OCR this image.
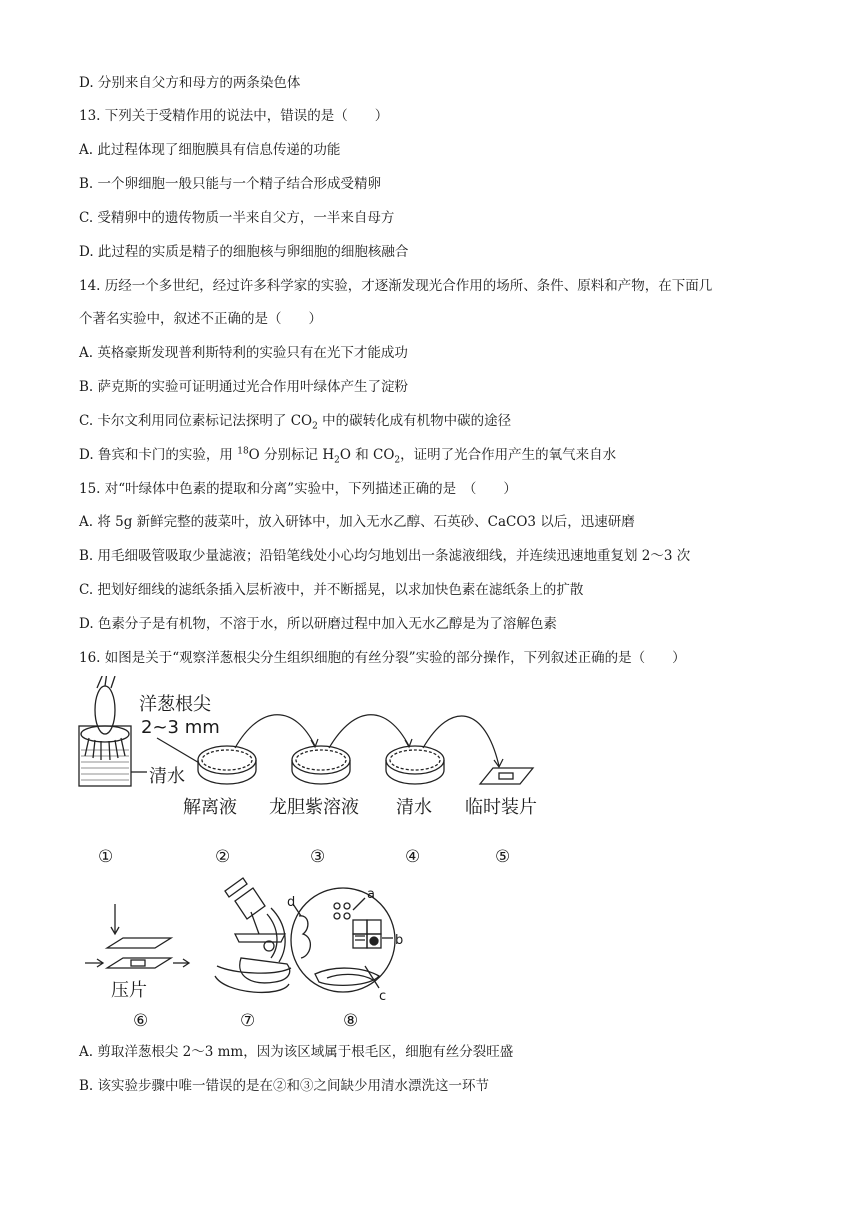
D. 分别来自父方和母方的两条染色体
13. 下列关于受精作用的说法中，错误的是（　　）
A. 此过程体现了细胞膜具有信息传递的功能
B. 一个卵细胞一般只能与一个精子结合形成受精卵
C. 受精卵中的遗传物质一半来自父方，一半来自母方
D. 此过程的实质是精子的细胞核与卵细胞的细胞核融合
14. 历经一个多世纪，经过许多科学家的实验，才逐渐发现光合作用的场所、条件、原料和产物，在下面几
个著名实验中，叙述不正确的是（　　）
A. 英格豪斯发现普利斯特利的实验只有在光下才能成功
B. 萨克斯的实验可证明通过光合作用叶绿体产生了淀粉
C. 卡尔文利用同位素标记法探明了 $CO_2$ 中的碳转化成有机物中碳的途径
D. 鲁宾和卡门的实验，用 $^{18}$O 分别标记 $H_2O$ 和 $CO_2$，证明了光合作用产生的氧气来自水
15. 对“叶绿体中色素的提取和分离”实验中，下列描述正确的是　（　　）
A. 将 5g 新鲜完整的菠菜叶，放入研钵中，加入无水乙醇、石英砂、CaCO3 以后，迅速研磨
B. 用毛细吸管吸取少量滤液；沿铅笔线处小心均匀地划出一条滤液细线，并连续迅速地重复划 2～3 次
C. 把划好细线的滤纸条插入层析液中，并不断摇晃，以求加快色素在滤纸条上的扩散
D. 色素分子是有机物，不溶于水，所以研磨过程中加入无水乙醇是为了溶解色素
16. 如图是关于“观察洋葱根尖分生组织细胞的有丝分裂”实验的部分操作，下列叙述正确的是（　　）
洋葱根尖
2~3 mm
清水
解离液 龙胆紫溶液 清水 临时装片
①	②	③	④	⑤
压片
d
a
b
c
⑥	⑦	⑧
A. 剪取洋葱根尖 2～3 mm，因为该区域属于根毛区，细胞有丝分裂旺盛
B. 该实验步骤中唯一错误的是在②和③之间缺少用清水漂洗这一环节
